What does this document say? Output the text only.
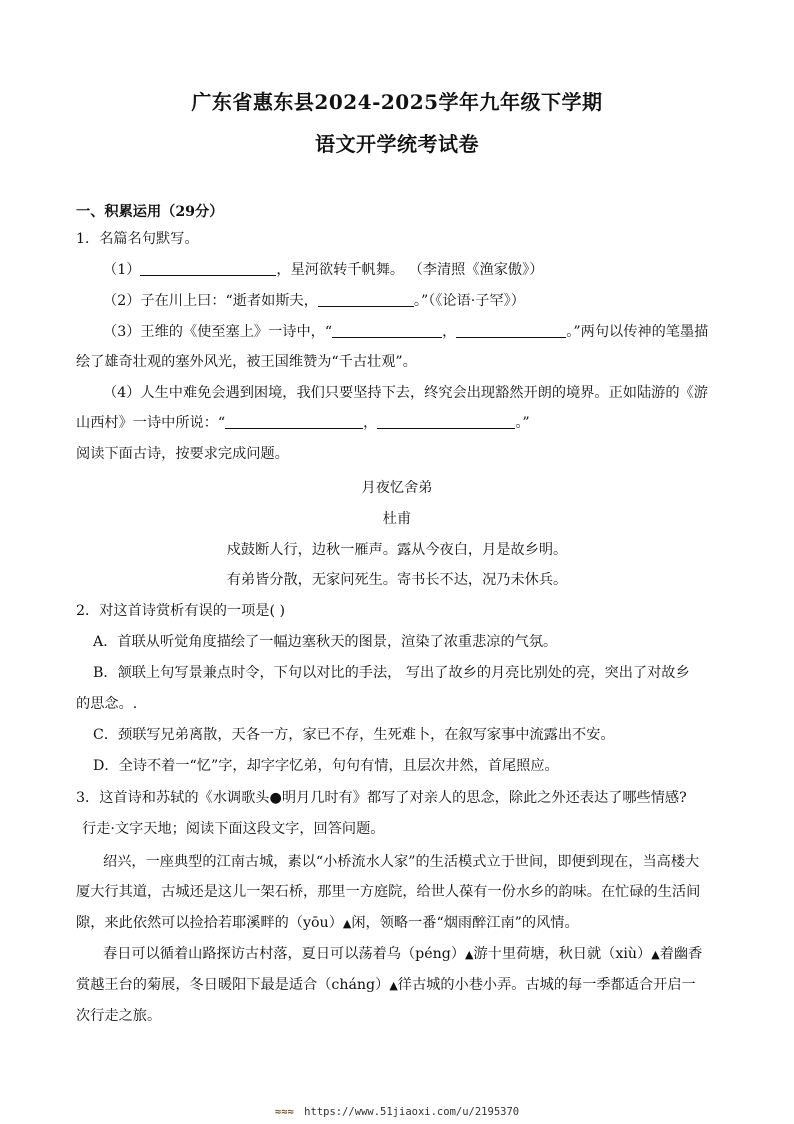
广东省惠东县2024-2025学年九年级下学期
语文开学统考试卷
一、积累运用（29分）
1．名篇名句默写。
（1）	，星河欲转千帆舞。 （李清照《渔家傲》）
（2）子在川上曰：“逝者如斯夫，	。”（《论语·子罕》）
（3）王维的《使至塞上》一诗中，“	，	。”两句以传神的笔墨描
绘了雄奇壮观的塞外风光，被王国维赞为“千古壮观”。
（4）人生中难免会遇到困境，我们只要坚持下去，终究会出现豁然开朗的境界。正如陆游的《游
山西村》一诗中所说：“	，	。”
阅读下面古诗，按要求完成问题。
月夜忆舍弟
杜甫
戍鼓断人行，边秋一雁声。露从今夜白，月是故乡明。
有弟皆分散，无家问死生。寄书长不达，况乃未休兵。
2．对这首诗赏析有误的一项是( )
A．首联从听觉角度描绘了一幅边塞秋天的图景，渲染了浓重悲凉的气氛。
B．颔联上句写景兼点时令，下句以对比的手法， 写出了故乡的月亮比别处的亮，突出了对故乡
的思念。.
C．颈联写兄弟离散，天各一方，家已不存，生死难卜，在叙写家事中流露出不安。
D．全诗不着一“忆”字，却字字忆弟，句句有情，且层次井然，首尾照应。
3．这首诗和苏轼的《水调歌头●明月几时有》都写了对亲人的思念，除此之外还表达了哪些情感?
行走·文字天地；阅读下面这段文字，回答问题。
绍兴，一座典型的江南古城，素以“小桥流水人家”的生活模式立于世间，即便到现在，当高楼大
厦大行其道，古城还是这儿一架石桥，那里一方庭院，给世人葆有一份水乡的韵味。在忙碌的生活间
隙，来此依然可以捡拾若耶溪畔的（yōu）▲闲，领略一番“烟雨醉江南”的风情。
春日可以循着山路探访古村落，夏日可以荡着乌（péng）▲游十里荷塘，秋日就（xiù）▲着幽香
赏越王台的菊展，冬日暖阳下最是适合（cháng）▲徉古城的小巷小弄。古城的每一季都适合开启一
次行走之旅。
≈≈≈ https://www.51jiaoxi.com/u/2195370
